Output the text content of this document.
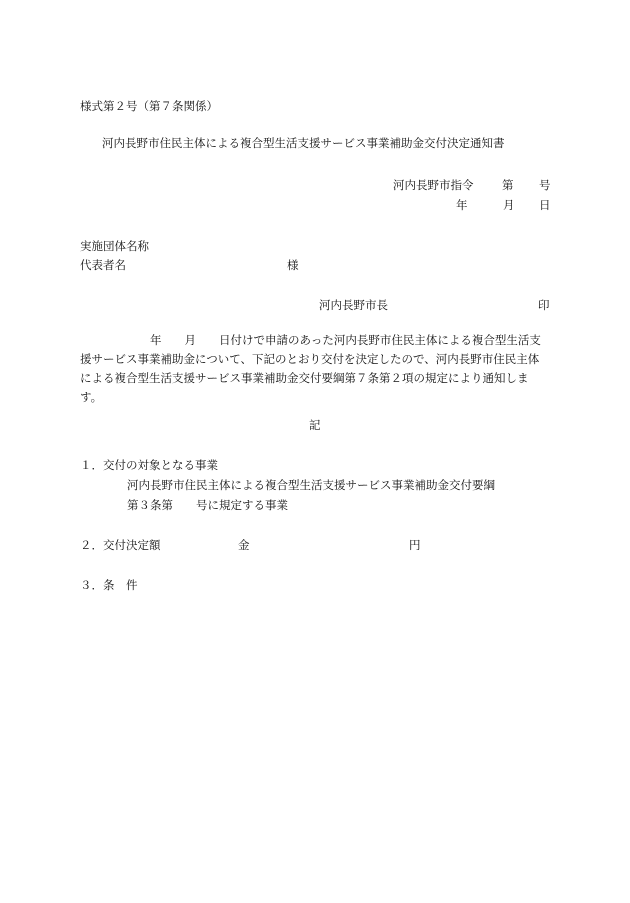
様式第２号（第７条関係）
河内長野市住民主体による複合型生活支援サービス事業補助金交付決定通知書
河内長野市指令 第 号
年	月 日
実施団体名称
代表者名	様
河内長野市長	印
年　　月　　日付けで申請のあった河内長野市住民主体による複合型生活支援サービス事業補助金について、下記のとおり交付を決定したので、河内長野市住民主体による複合型生活支援サービス事業補助金交付要綱第７条第２項の規定により通知します。
記
１．交付の対象となる事業
河内長野市住民主体による複合型生活支援サービス事業補助金交付要綱
第３条第　　号に規定する事業
２．交付決定額	金	円
３．条　件
